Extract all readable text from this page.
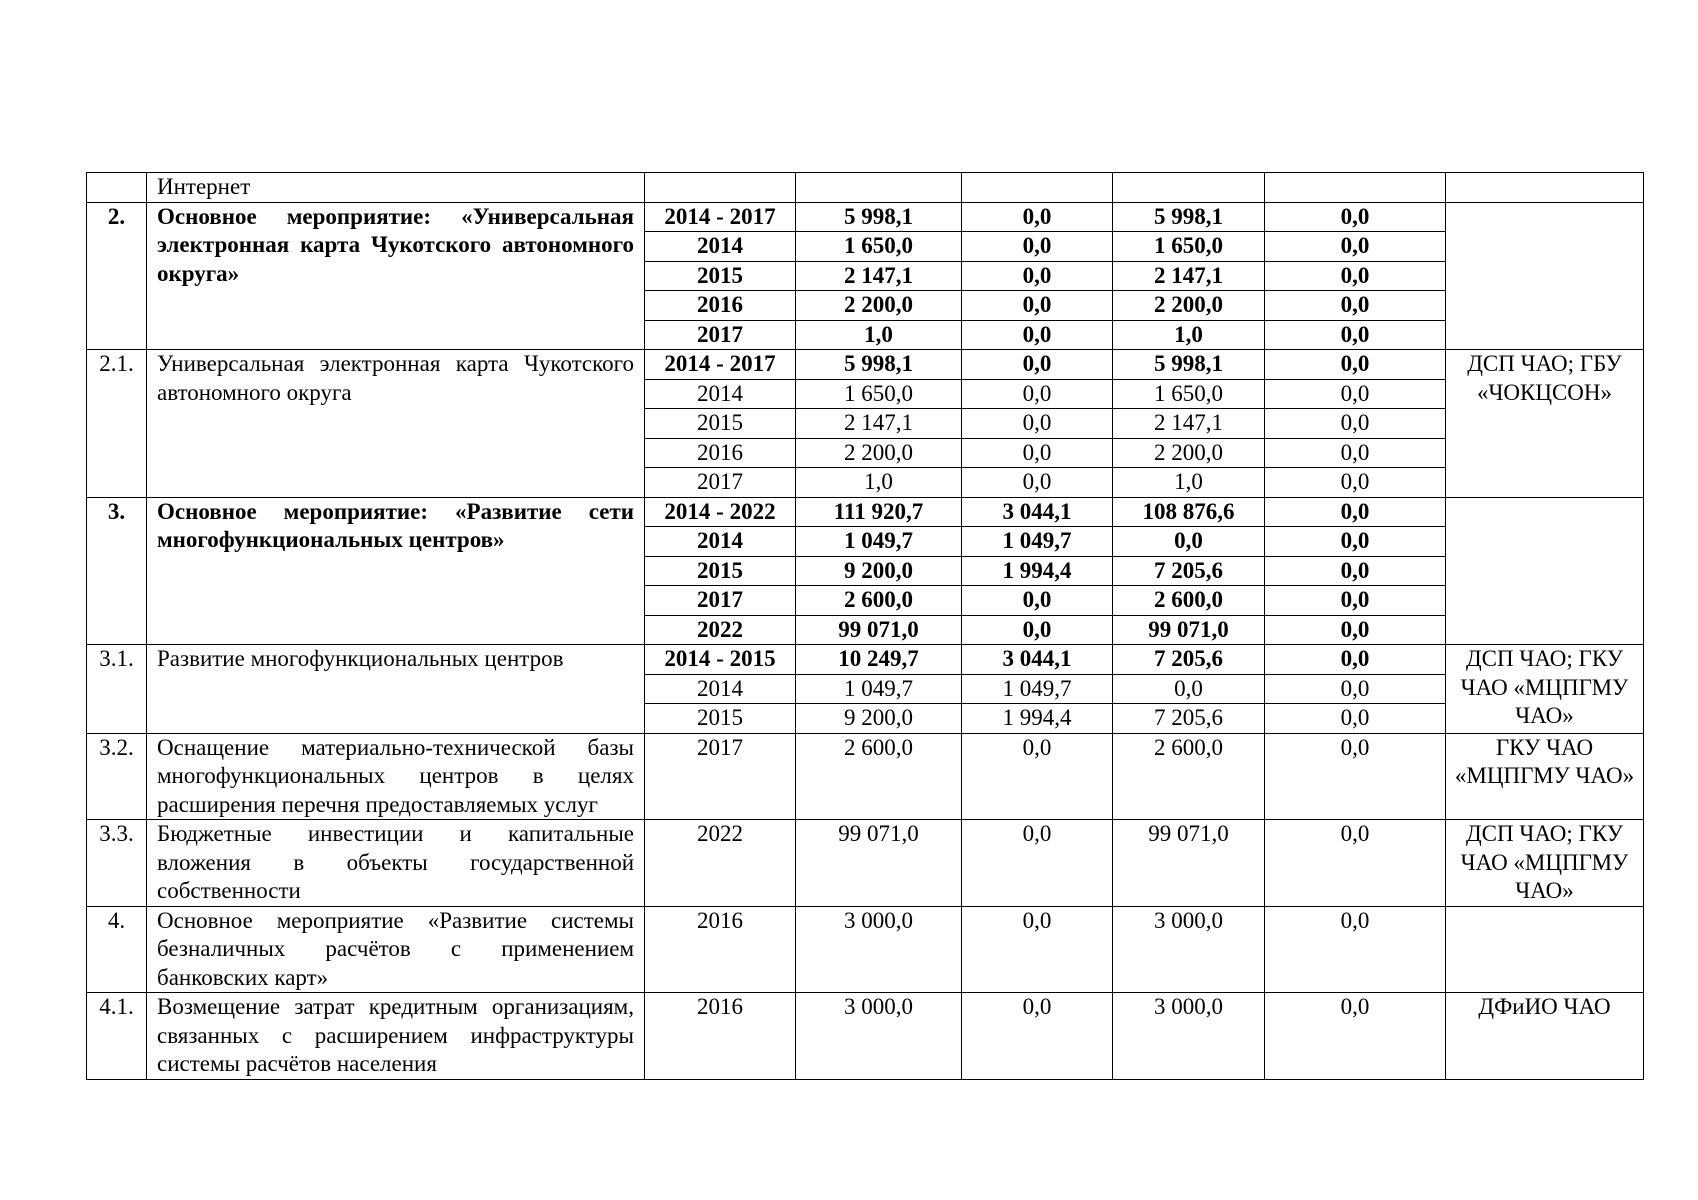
	Интернет						
2.	Основное мероприятие: «Универсальная электронная карта Чукотского автономного округа»	2014 - 2017	5 998,1	0,0	5 998,1	0,0	
		2014	1 650,0	0,0	1 650,0	0,0	
		2015	2 147,1	0,0	2 147,1	0,0	
		2016	2 200,0	0,0	2 200,0	0,0	
		2017	1,0	0,0	1,0	0,0	
2.1.	Универсальная электронная карта Чукотского автономного округа	2014 - 2017	5 998,1	0,0	5 998,1	0,0	ДСП ЧАО; ГБУ «ЧОКЦСОН»
		2014	1 650,0	0,0	1 650,0	0,0	
		2015	2 147,1	0,0	2 147,1	0,0	
		2016	2 200,0	0,0	2 200,0	0,0	
		2017	1,0	0,0	1,0	0,0	
3.	Основное мероприятие: «Развитие сети многофункциональных центров»	2014 - 2022	111 920,7	3 044,1	108 876,6	0,0	
		2014	1 049,7	1 049,7	0,0	0,0	
		2015	9 200,0	1 994,4	7 205,6	0,0	
		2017	2 600,0	0,0	2 600,0	0,0	
		2022	99 071,0	0,0	99 071,0	0,0	
3.1.	Развитие многофункциональных центров	2014 - 2015	10 249,7	3 044,1	7 205,6	0,0	ДСП ЧАО; ГКУ ЧАО «МЦПГМУ ЧАО»
		2014	1 049,7	1 049,7	0,0	0,0	
		2015	9 200,0	1 994,4	7 205,6	0,0	
3.2.	Оснащение материально-технической базы многофункциональных центров в целях расширения перечня предоставляемых услуг	2017	2 600,0	0,0	2 600,0	0,0	ГКУ ЧАО «МЦПГМУ ЧАО»
3.3.	Бюджетные инвестиции и капитальные вложения в объекты государственной собственности	2022	99 071,0	0,0	99 071,0	0,0	ДСП ЧАО; ГКУ ЧАО «МЦПГМУ ЧАО»
4.	Основное мероприятие «Развитие системы безналичных расчётов с применением банковских карт»	2016	3 000,0	0,0	3 000,0	0,0	
4.1.	Возмещение затрат кредитным организациям, связанных с расширением инфраструктуры системы расчётов населения	2016	3 000,0	0,0	3 000,0	0,0	ДФиИО ЧАО
